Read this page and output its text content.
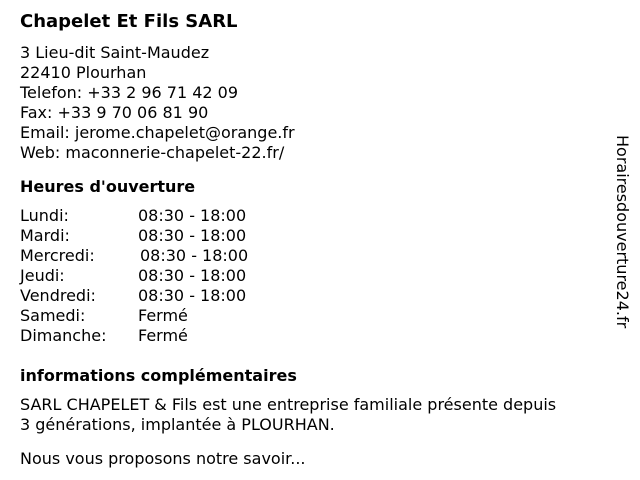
Chapelet Et Fils SARL
3 Lieu-dit Saint-Maudez
22410 Plourhan
Telefon: +33 2 96 71 42 09
Fax: +33 9 70 06 81 90
Email: jerome.chapelet@orange.fr
Web: maconnerie-chapelet-22.fr/
Heures d'ouverture
Lundi:	08:30 - 18:00
Mardi:	08:30 - 18:00
Mercredi:	08:30 - 18:00
Jeudi:	08:30 - 18:00
Vendredi:	08:30 - 18:00
Samedi:	Fermé
Dimanche: Fermé
informations complémentaires
SARL CHAPELET & Fils est une entreprise familiale présente depuis
3 générations, implantée à PLOURHAN.
Nous vous proposons notre savoir...
Horairesdouverture24.fr
